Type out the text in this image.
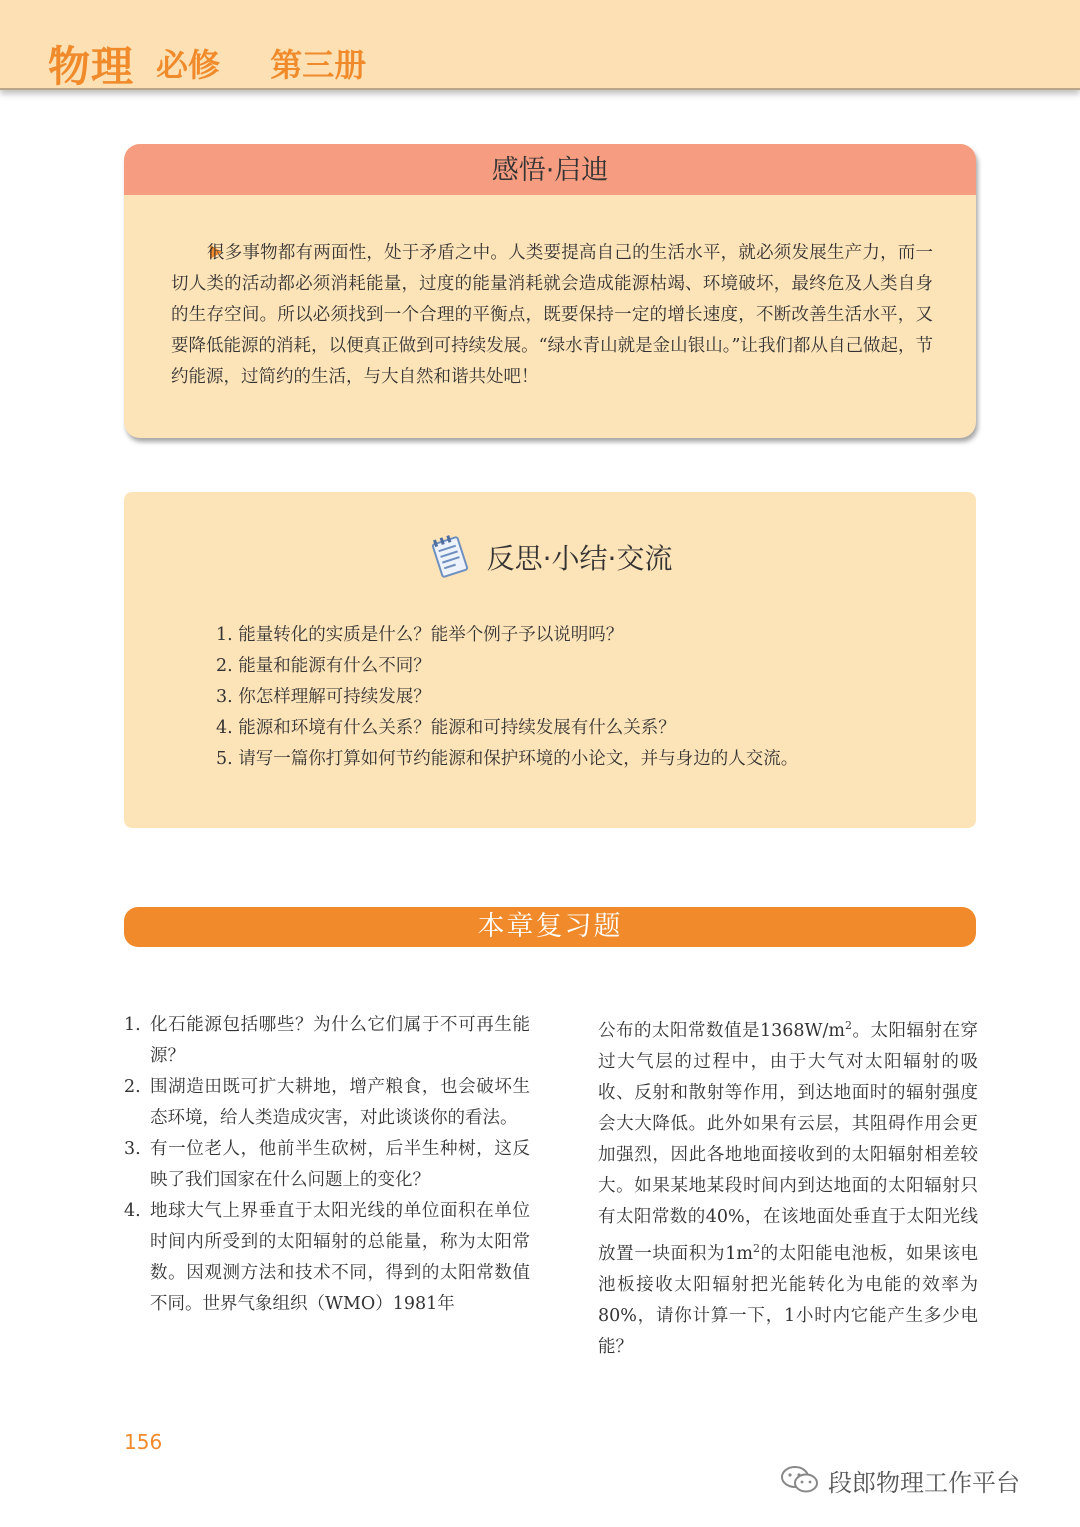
物理 必修  第三册
感悟·启迪
很多事物都有两面性，处于矛盾之中。人类要提高自己的生活水平，就必须发展生产力，而一切人类的活动都必须消耗能量，过度的能量消耗就会造成能源枯竭、环境破坏，最终危及人类自身的生存空间。所以必须找到一个合理的平衡点，既要保持一定的增长速度，不断改善生活水平，又要降低能源的消耗，以便真正做到可持续发展。“绿水青山就是金山银山。”让我们都从自己做起，节约能源，过简约的生活，与大自然和谐共处吧！
反思·小结·交流
1. 能量转化的实质是什么？能举个例子予以说明吗？
2. 能量和能源有什么不同？
3. 你怎样理解可持续发展？
4. 能源和环境有什么关系？能源和可持续发展有什么关系？
5. 请写一篇你打算如何节约能源和保护环境的小论文，并与身边的人交流。
本章复习题
1. 化石能源包括哪些？为什么它们属于不可再生能源？
2. 围湖造田既可扩大耕地，增产粮食，也会破坏生态环境，给人类造成灾害，对此谈谈你的看法。
3. 有一位老人，他前半生砍树，后半生种树，这反映了我们国家在什么问题上的变化？
4. 地球大气上界垂直于太阳光线的单位面积在单位时间内所受到的太阳辐射的总能量，称为太阳常数。因观测方法和技术不同，得到的太阳常数值不同。世界气象组织（WMO）1981年

公布的太阳常数值是$1368W/m^2$。太阳辐射在穿过大气层的过程中，由于大气对太阳辐射的吸收、反射和散射等作用，到达地面时的辐射强度会大大降低。此外如果有云层，其阻碍作用会更加强烈，因此各地地面接收到的太阳辐射相差较大。如果某地某段时间内到达地面的太阳辐射只有太阳常数的40%，在该地面处垂直于太阳光线放置一块面积为$1m^2$的太阳能电池板，如果该电池板接收太阳辐射把光能转化为电能的效率为80%，请你计算一下，1小时内它能产生多少电能？

156
段郎物理工作平台
